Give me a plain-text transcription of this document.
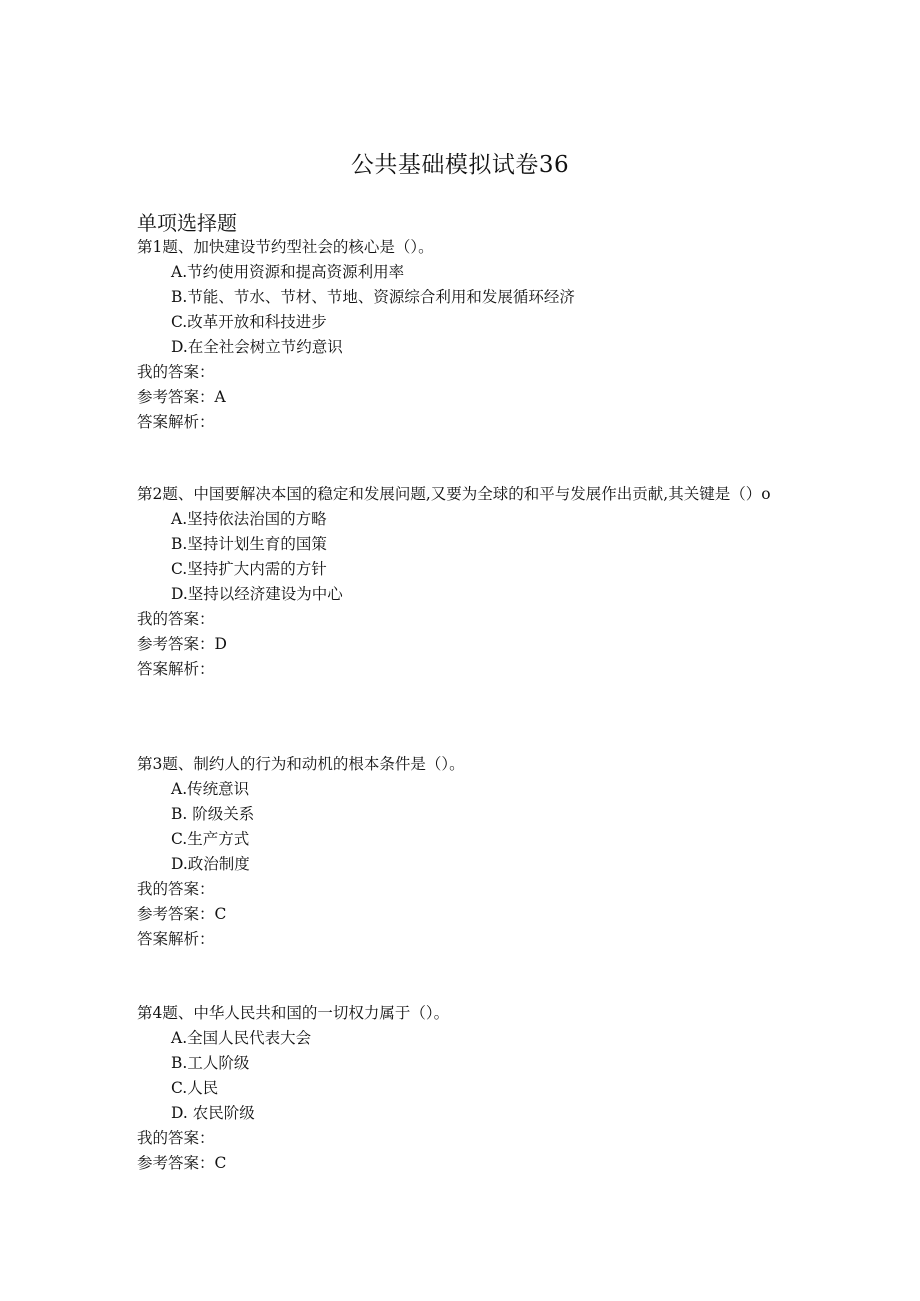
公共基础模拟试卷36
单项选择题

第1题、加快建设节约型社会的核心是（）。

A.节约使用资源和提高资源利用率
B.节能、节水、节材、节地、资源综合利用和发展循环经济
C.改革开放和科技进步
D.在全社会树立节约意识
我的答案：
参考答案：A
答案解析：

第2题、中国要解决本国的稳定和发展问题,又要为全球的和平与发展作出贡献,其关键是（）o

A.坚持依法治国的方略
B.坚持计划生育的国策
C.坚持扩大内需的方针
D.坚持以经济建设为中心
我的答案：
参考答案：D
答案解析：

第3题、制约人的行为和动机的根本条件是（）。

A.传统意识
B. 阶级关系
C.生产方式
D.政治制度
我的答案：
参考答案：C
答案解析：

第4题、中华人民共和国的一切权力属于（）。

A.全国人民代表大会
B.工人阶级
C.人民
D. 农民阶级
我的答案：
参考答案：C
